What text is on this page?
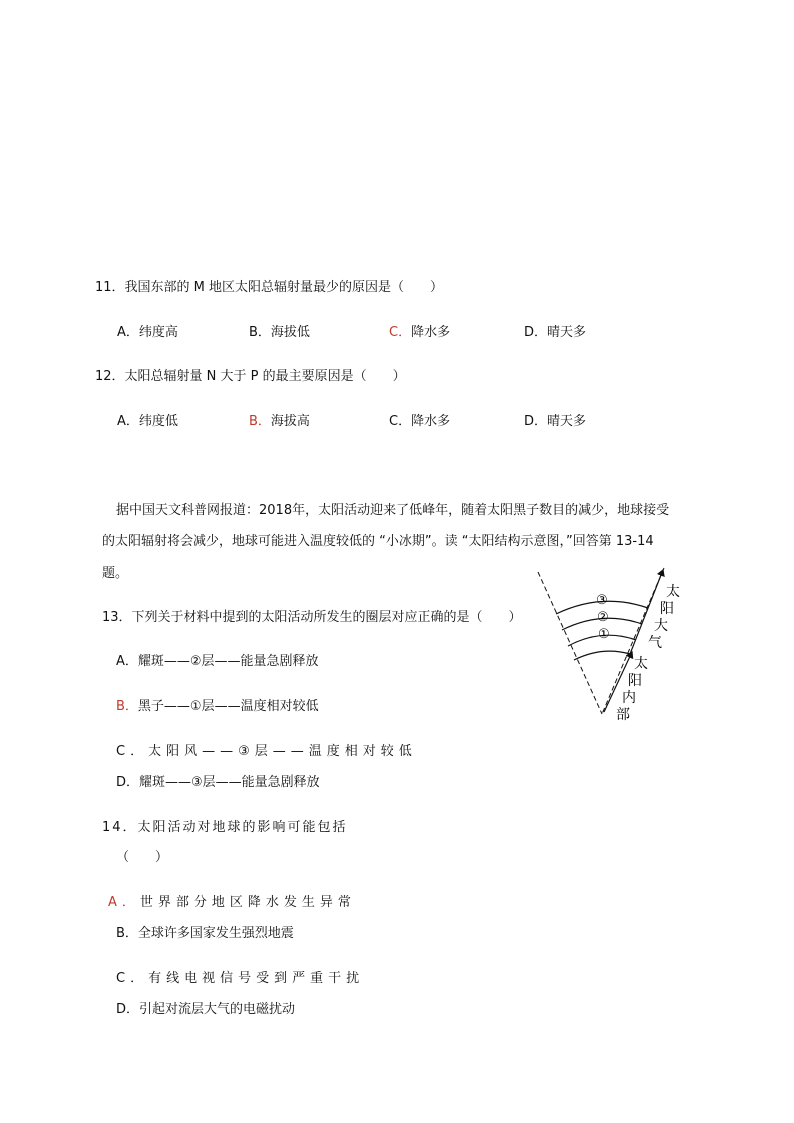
11．我国东部的 M 地区太阳总辐射量最少的原因是（　　）
A．纬度高	B．海拔低	C．降水多	D．晴天多
12．太阳总辐射量 N 大于 P 的最主要原因是（　　）
A．纬度低	B．海拔高	C．降水多	D．晴天多
据中国天文科普网报道：2018年，太阳活动迎来了低峰年，随着太阳黑子数目的减少，地球接受
的太阳辐射将会减少，地球可能进入温度较低的 “小冰期”。读 “太阳结构示意图，”回答第 13-14
题。
13．下列关于材料中提到的太阳活动所发生的圈层对应正确的是（　　）
A．耀斑——②层——能量急剧释放
B．黑子——①层——温度相对较低
C．太阳风——③层——温度相对较低
D．耀斑——③层——能量急剧释放
14．太阳活动对地球的影响可能包括
（　　）
A．世界部分地区降水发生异常
B．全球许多国家发生强烈地震
C．有线电视信号受到严重干扰
D．引起对流层大气的电磁扰动
③
②
①
太
阳
大
气
太
阳
内
部
